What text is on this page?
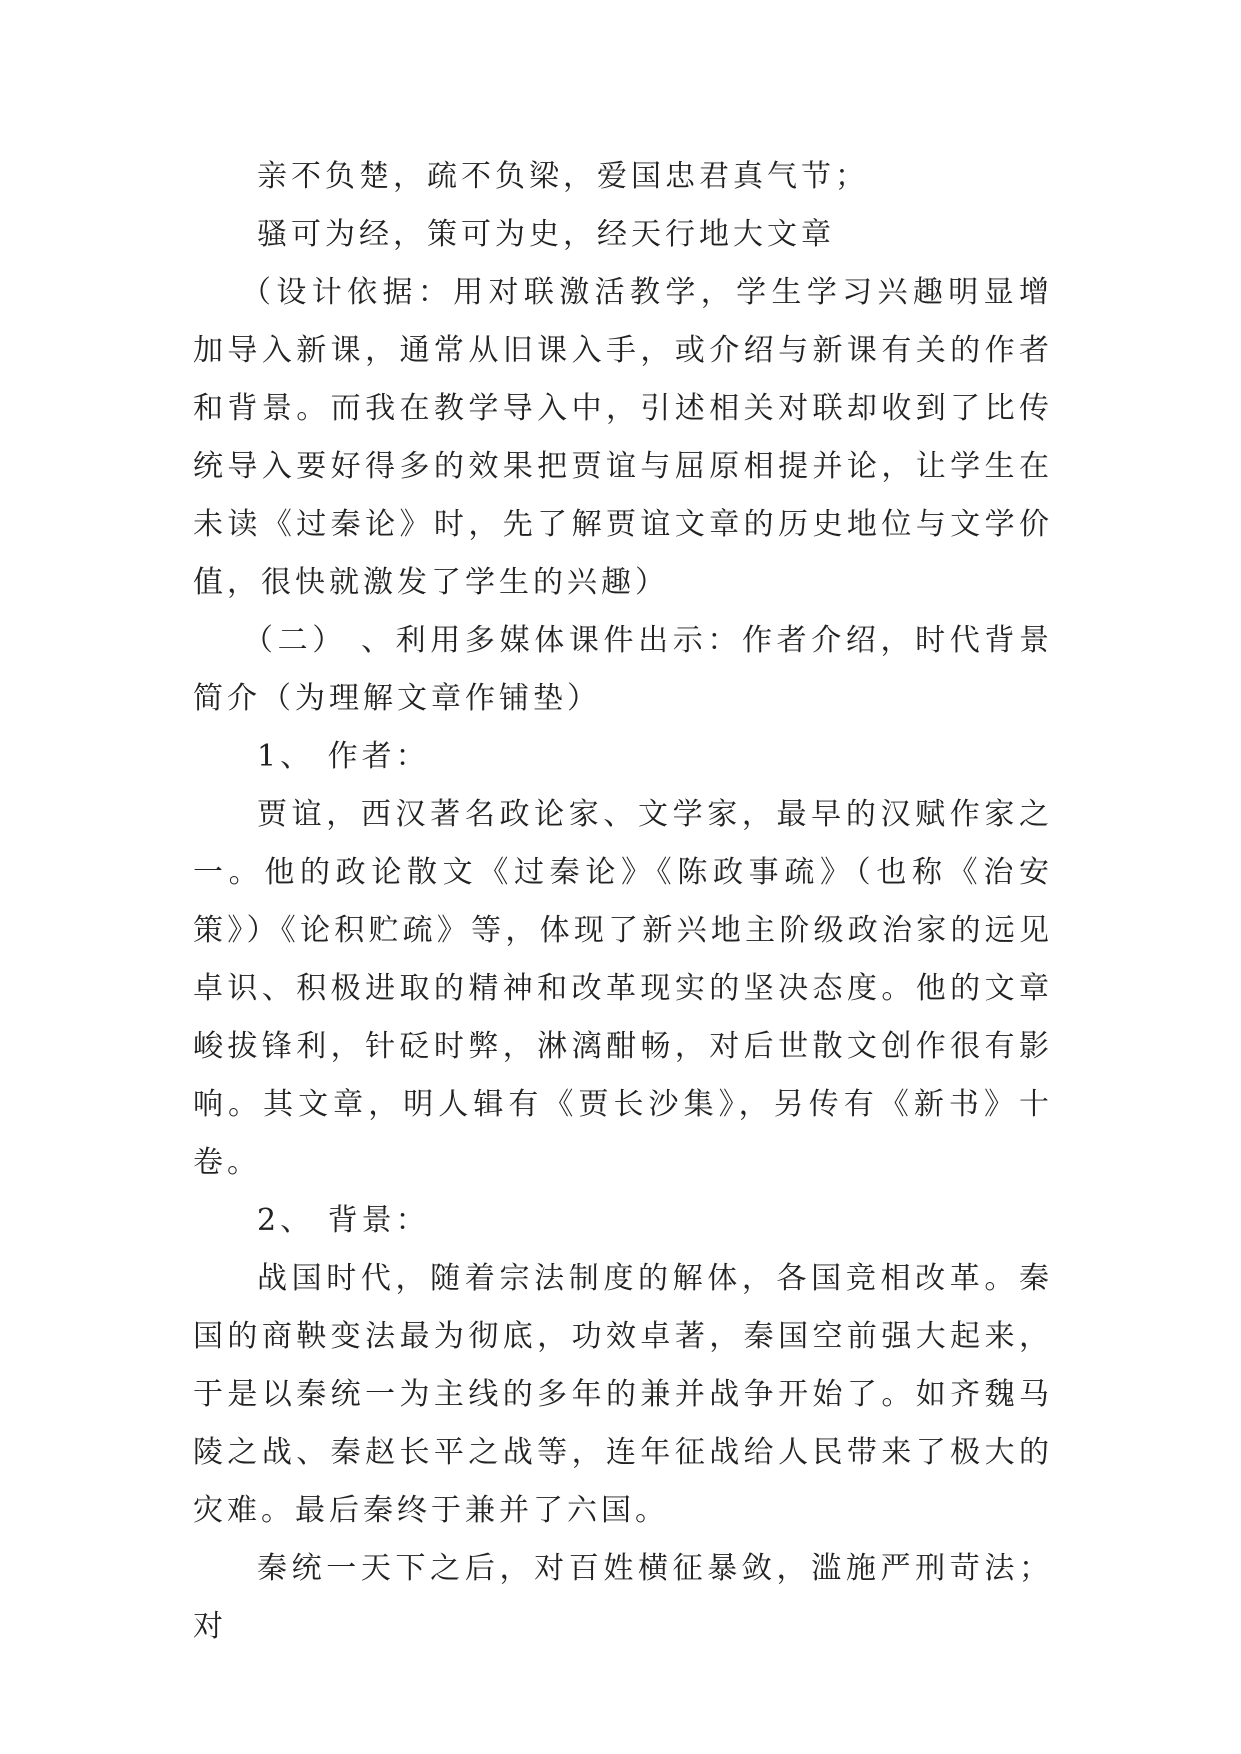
亲不负楚，疏不负梁，爱国忠君真气节；

骚可为经，策可为史，经天行地大文章

（设计依据：用对联激活教学，学生学习兴趣明显增加导入新课，通常从旧课入手，或介绍与新课有关的作者和背景。而我在教学导入中，引述相关对联却收到了比传统导入要好得多的效果把贾谊与屈原相提并论，让学生在未读《过秦论》时，先了解贾谊文章的历史地位与文学价值，很快就激发了学生的兴趣）

（二） 、利用多媒体课件出示：作者介绍，时代背景简介（为理解文章作铺垫）

1、 作者：

贾谊，西汉著名政论家、文学家，最早的汉赋作家之一。他的政论散文《过秦论》《陈政事疏》（也称《治安策》）《论积贮疏》等，体现了新兴地主阶级政治家的远见卓识、积极进取的精神和改革现实的坚决态度。他的文章峻拔锋利，针砭时弊，淋漓酣畅，对后世散文创作很有影响。其文章，明人辑有《贾长沙集》，另传有《新书》十卷。

2、 背景：

战国时代，随着宗法制度的解体，各国竞相改革。秦国的商鞅变法最为彻底，功效卓著，秦国空前强大起来，于是以秦统一为主线的多年的兼并战争开始了。如齐魏马陵之战、秦赵长平之战等，连年征战给人民带来了极大的灾难。最后秦终于兼并了六国。

秦统一天下之后，对百姓横征暴敛，滥施严刑苛法；对
